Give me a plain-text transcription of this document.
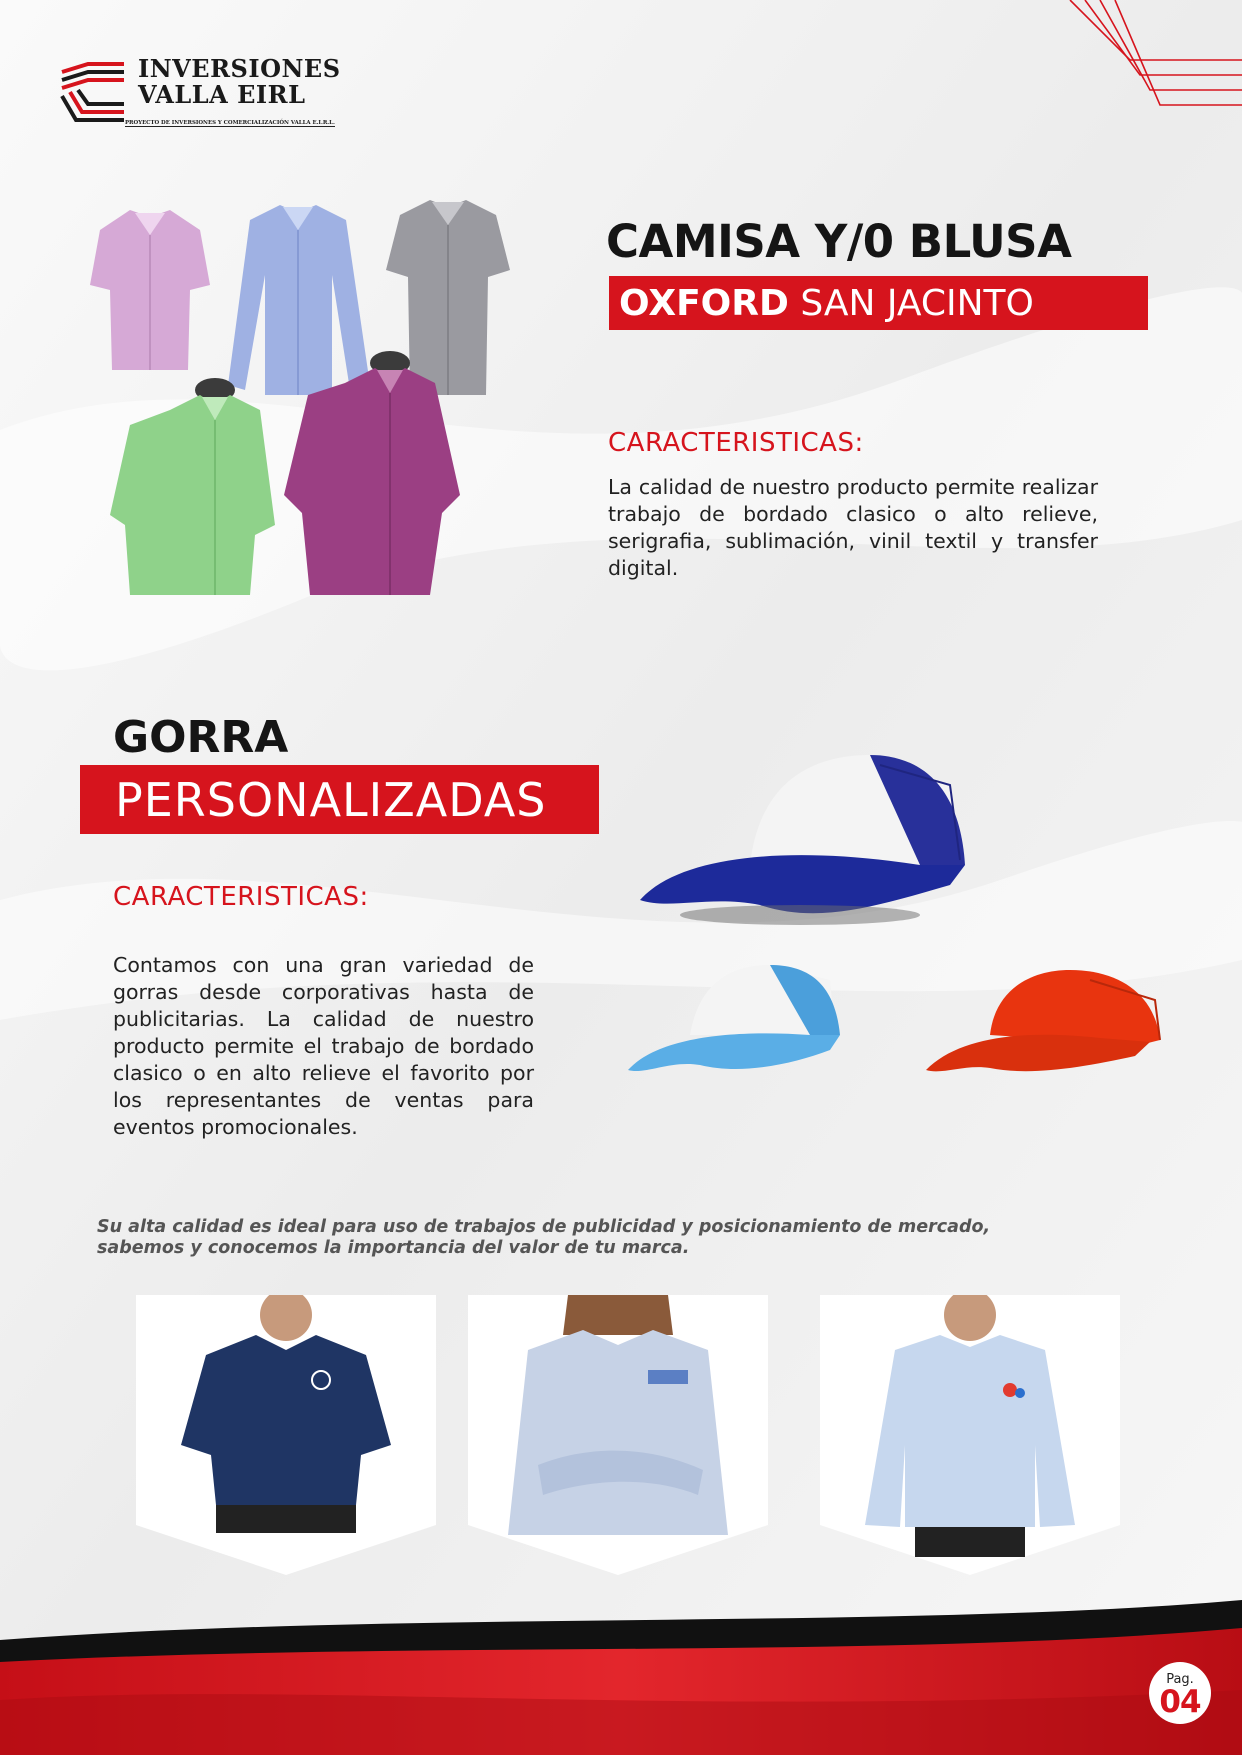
INVERSIONES
VALLA EIRL
PROYECTO DE INVERSIONES Y COMERCIALIZACIÓN VALLA E.I.R.L.
CAMISA Y/0 BLUSA
OXFORD SAN JACINTO
CARACTERISTICAS:
La calidad de nuestro producto permite realizar trabajo de bordado clasico o alto relieve, serigrafia, sublimación, vinil textil y transfer digital.
GORRA
PERSONALIZADAS
CARACTERISTICAS:
Contamos con una gran variedad de gorras desde corporativas hasta de publicitarias. La calidad de nuestro producto permite el trabajo de bordado clasico o en alto relieve el favorito por los representantes de ventas para eventos promocionales.
Su alta calidad es ideal para uso de trabajos de publicidad y posicionamiento de mercado,
sabemos y conocemos la importancia del valor de tu marca.
Pag.
04
